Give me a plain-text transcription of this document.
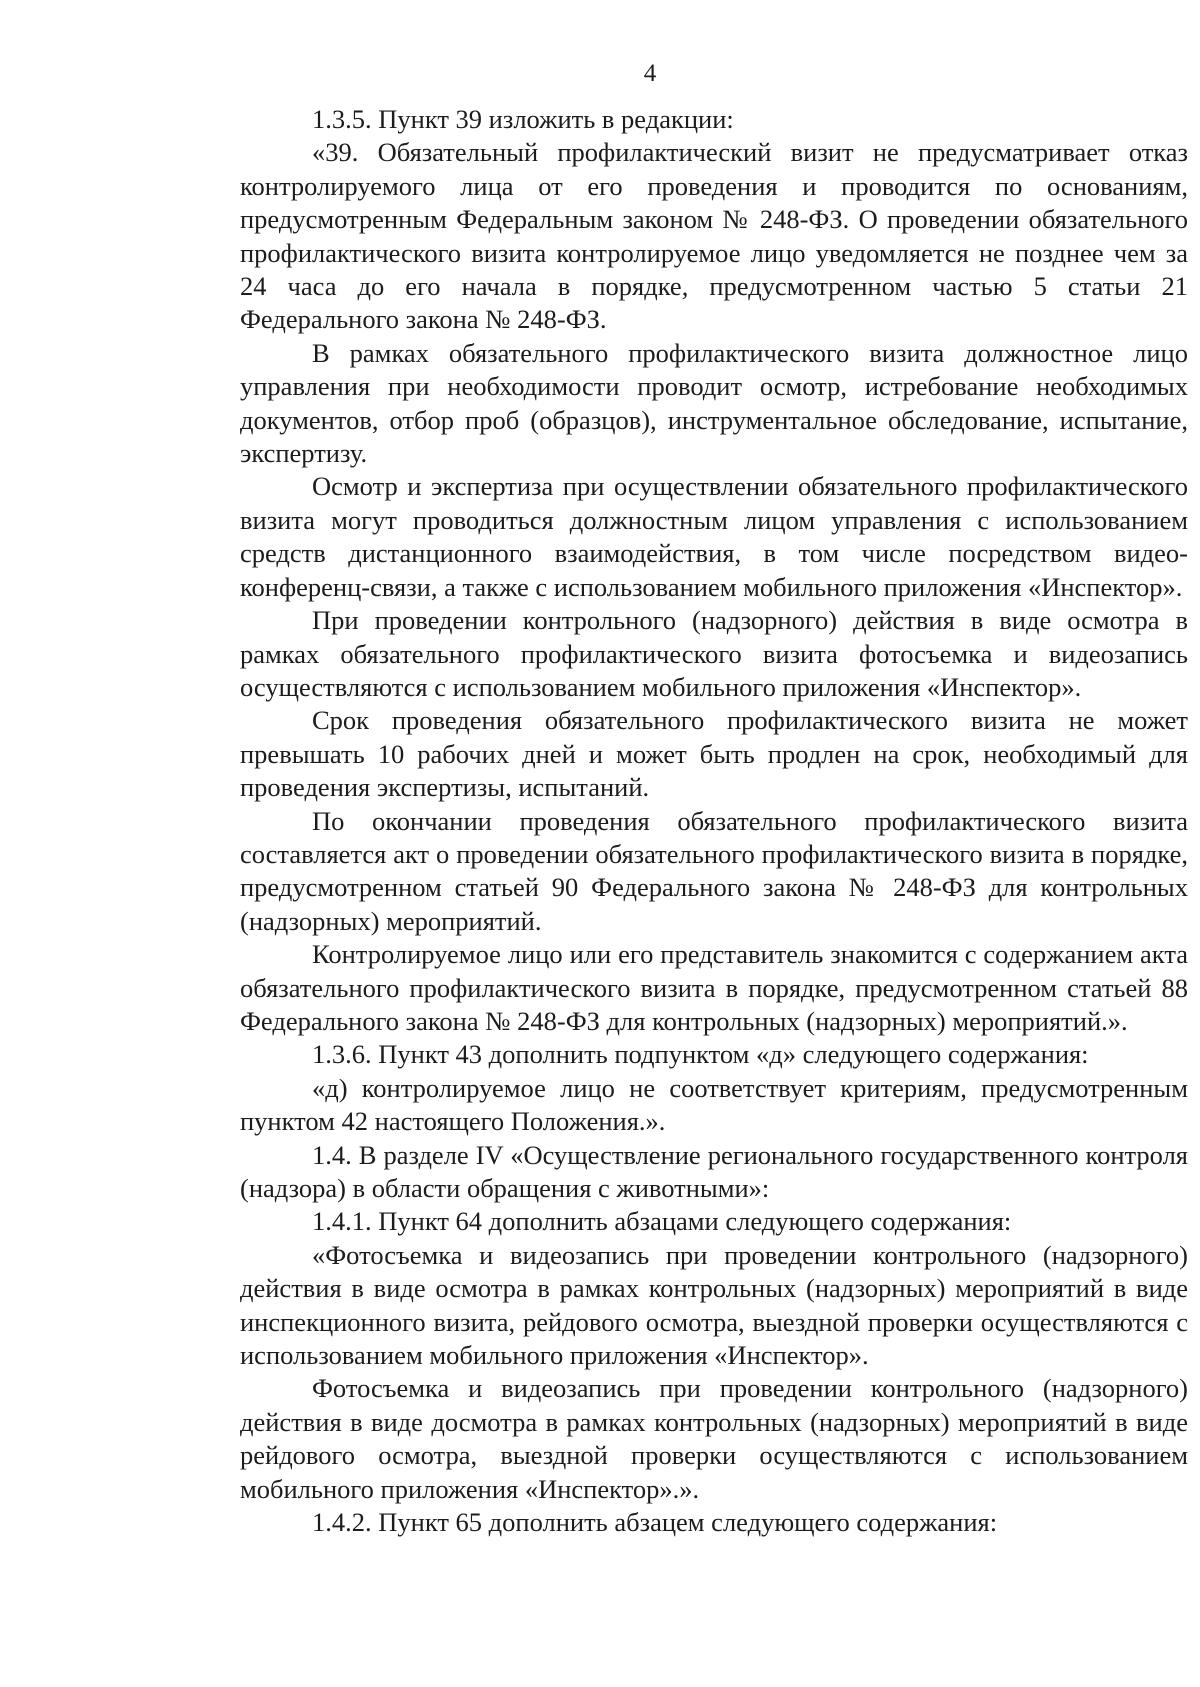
4

1.3.5. Пункт 39 изложить в редакции:

«39. Обязательный профилактический визит не предусматривает отказ контролируемого лица от его проведения и проводится по основаниям, предусмотренным Федеральным законом № 248-ФЗ. О проведении обязательного профилактического визита контролируемое лицо уведомляется не позднее чем за 24 часа до его начала в порядке, предусмотренном частью 5 статьи 21 Федерального закона № 248-ФЗ.

В рамках обязательного профилактического визита должностное лицо управления при необходимости проводит осмотр, истребование необходимых документов, отбор проб (образцов), инструментальное обследование, испытание, экспертизу.

Осмотр и экспертиза при осуществлении обязательного профилактического визита могут проводиться должностным лицом управления с использованием средств дистанционного взаимодействия, в том числе посредством видео-конференц-связи, а также с использованием мобильного приложения «Инспектор».

При проведении контрольного (надзорного) действия в виде осмотра в рамках обязательного профилактического визита фотосъемка и видеозапись осуществляются с использованием мобильного приложения «Инспектор».

Срок проведения обязательного профилактического визита не может превышать 10 рабочих дней и может быть продлен на срок, необходимый для проведения экспертизы, испытаний.

По окончании проведения обязательного профилактического визита составляется акт о проведении обязательного профилактического визита в порядке, предусмотренном статьей 90 Федерального закона № 248-ФЗ для контрольных (надзорных) мероприятий.

Контролируемое лицо или его представитель знакомится с содержанием акта обязательного профилактического визита в порядке, предусмотренном статьей 88 Федерального закона № 248-ФЗ для контрольных (надзорных) мероприятий.».

1.3.6. Пункт 43 дополнить подпунктом «д» следующего содержания:

«д) контролируемое лицо не соответствует критериям, предусмотренным пунктом 42 настоящего Положения.».

1.4. В разделе IV «Осуществление регионального государственного контроля (надзора) в области обращения с животными»:

1.4.1. Пункт 64 дополнить абзацами следующего содержания:

«Фотосъемка и видеозапись при проведении контрольного (надзорного) действия в виде осмотра в рамках контрольных (надзорных) мероприятий в виде инспекционного визита, рейдового осмотра, выездной проверки осуществляются с использованием мобильного приложения «Инспектор».

Фотосъемка и видеозапись при проведении контрольного (надзорного) действия в виде досмотра в рамках контрольных (надзорных) мероприятий в виде рейдового осмотра, выездной проверки осуществляются с использованием мобильного приложения «Инспектор».».

1.4.2. Пункт 65 дополнить абзацем следующего содержания:
